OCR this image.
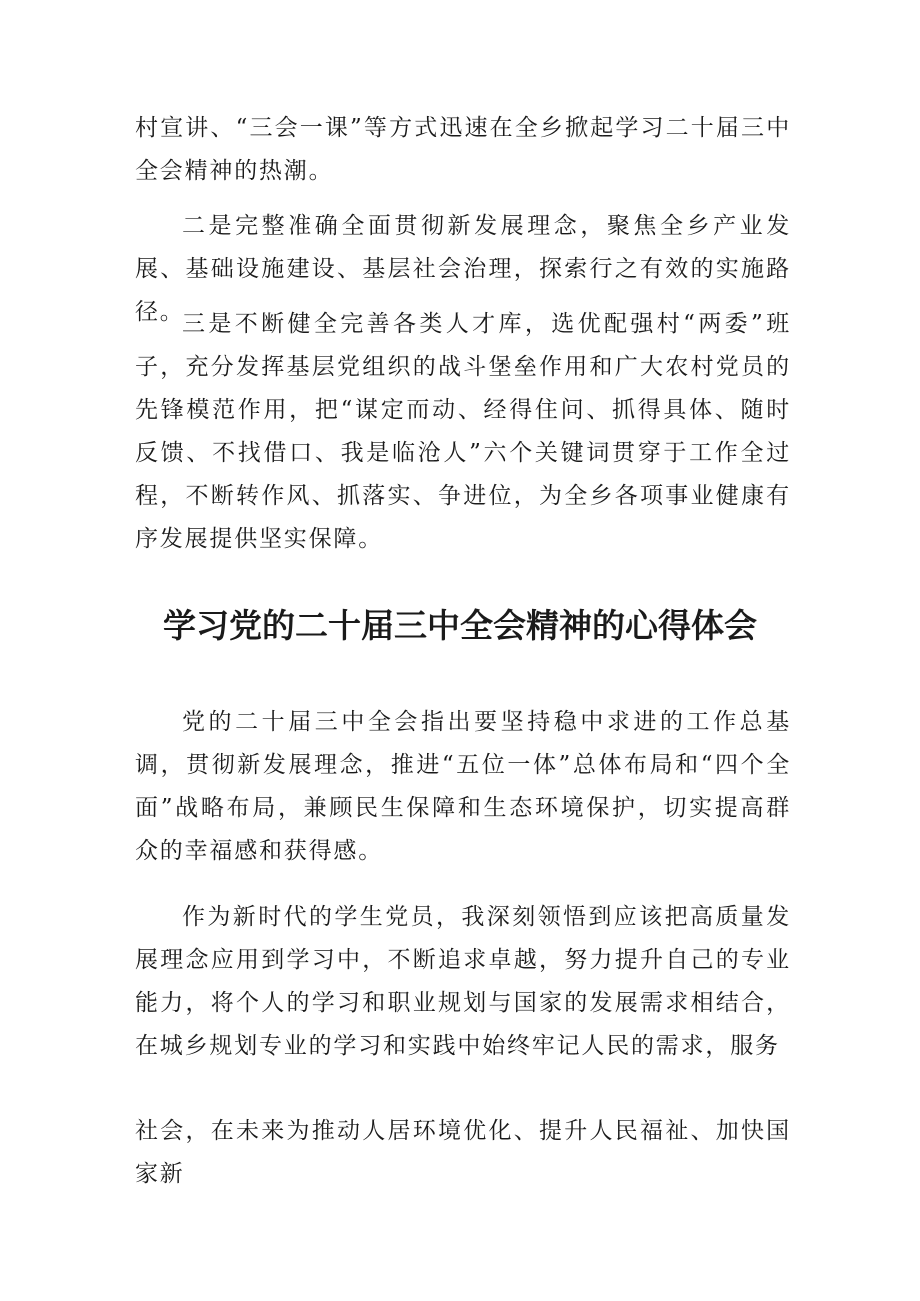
村宣讲、“三会一课”等方式迅速在全乡掀起学习二十届三中全会精神的热潮。

二是完整准确全面贯彻新发展理念，聚焦全乡产业发展、基础设施建设、基层社会治理，探索行之有效的实施路径。

三是不断健全完善各类人才库，选优配强村“两委”班子，充分发挥基层党组织的战斗堡垒作用和广大农村党员的先锋模范作用，把“谋定而动、经得住问、抓得具体、随时反馈、不找借口、我是临沧人”六个关键词贯穿于工作全过程，不断转作风、抓落实、争进位，为全乡各项事业健康有序发展提供坚实保障。

学习党的二十届三中全会精神的心得体会

党的二十届三中全会指出要坚持稳中求进的工作总基调，贯彻新发展理念，推进“五位一体”总体布局和“四个全面”战略布局，兼顾民生保障和生态环境保护，切实提高群众的幸福感和获得感。

作为新时代的学生党员，我深刻领悟到应该把高质量发展理念应用到学习中，不断追求卓越，努力提升自己的专业能力，将个人的学习和职业规划与国家的发展需求相结合，在城乡规划专业的学习和实践中始终牢记人民的需求，服务

社会，在未来为推动人居环境优化、提升人民福祉、加快国家新
